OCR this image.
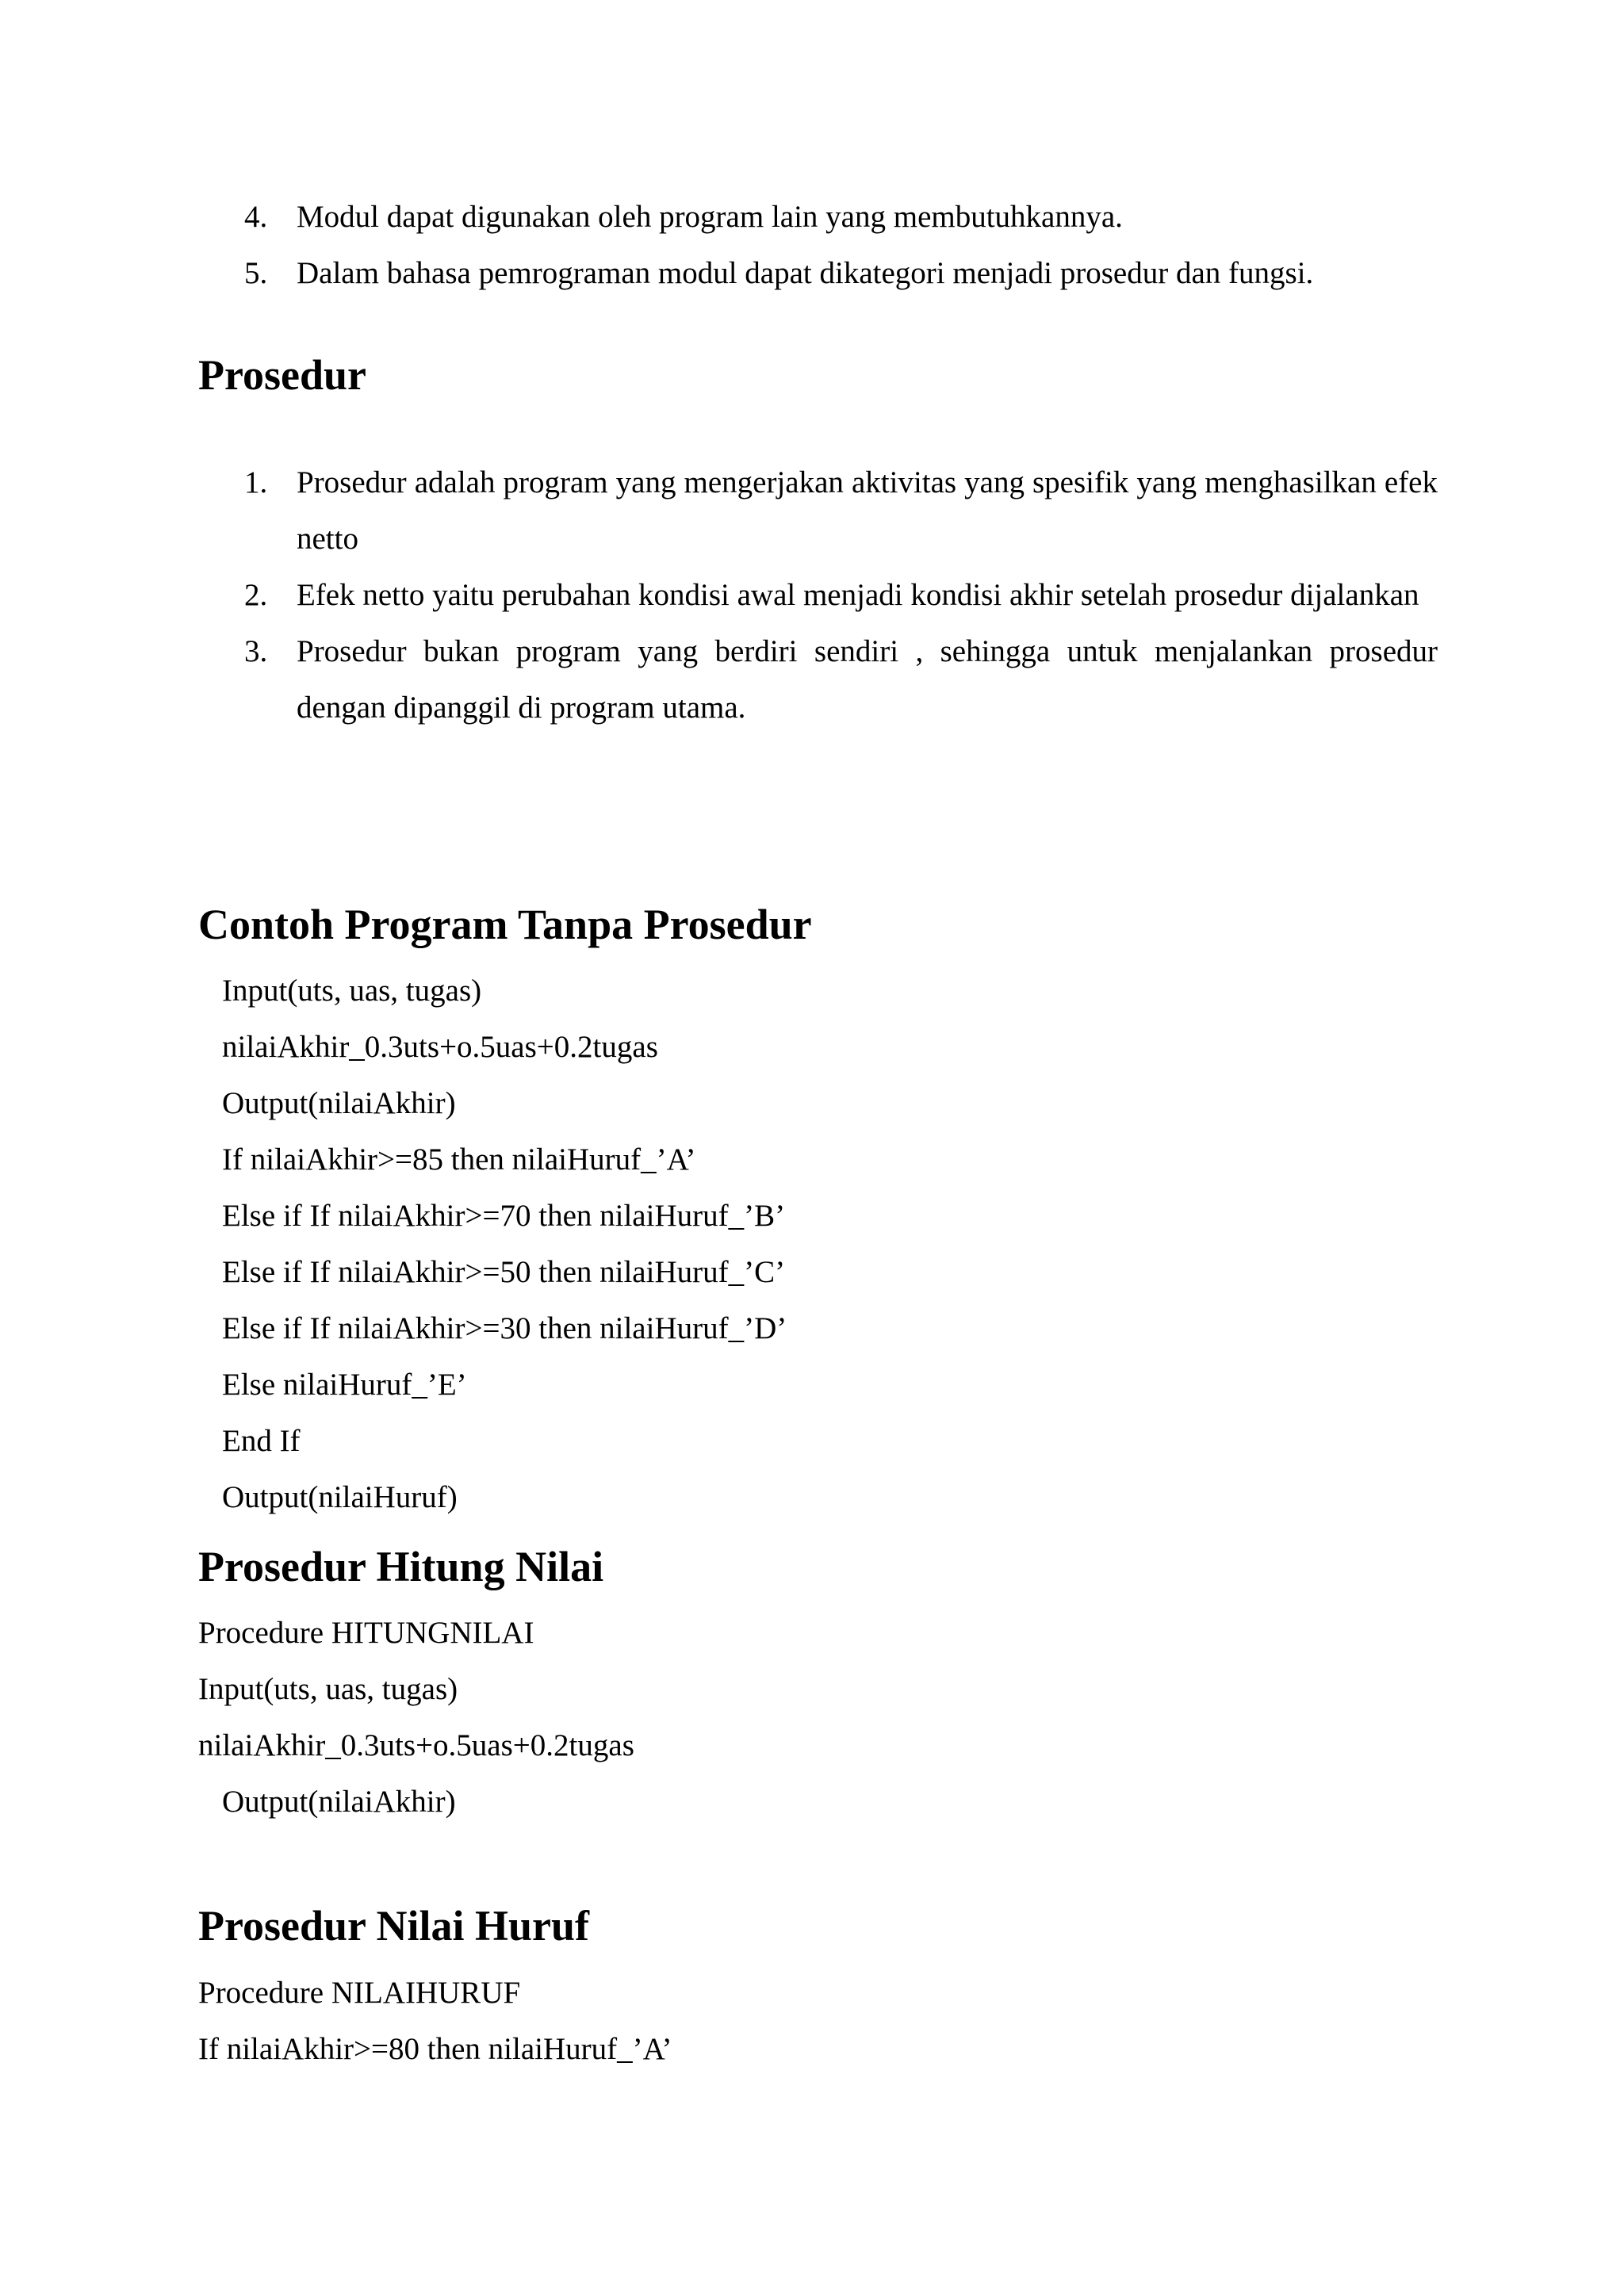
4. Modul dapat digunakan oleh program lain yang membutuhkannya.
5. Dalam bahasa pemrograman modul dapat dikategori menjadi prosedur dan fungsi.
Prosedur
1. Prosedur adalah program yang mengerjakan aktivitas yang spesifik yang menghasilkan efek netto
2. Efek netto yaitu perubahan kondisi awal menjadi kondisi akhir setelah prosedur dijalankan
3. Prosedur bukan program yang berdiri sendiri , sehingga untuk menjalankan prosedur dengan dipanggil di program utama.
Contoh Program Tanpa Prosedur
Input(uts, uas, tugas)
nilaiAkhir_0.3uts+o.5uas+0.2tugas
Output(nilaiAkhir)
If nilaiAkhir>=85 then nilaiHuruf_’A’
Else if If nilaiAkhir>=70 then nilaiHuruf_’B’
Else if If nilaiAkhir>=50 then nilaiHuruf_’C’
Else if If nilaiAkhir>=30 then nilaiHuruf_’D’
Else nilaiHuruf_’E’
End If
Output(nilaiHuruf)
Prosedur Hitung Nilai
Procedure HITUNGNILAI
Input(uts, uas, tugas)
nilaiAkhir_0.3uts+o.5uas+0.2tugas
Output(nilaiAkhir)
Prosedur Nilai Huruf
Procedure NILAIHURUF
If nilaiAkhir>=80 then nilaiHuruf_’A’
